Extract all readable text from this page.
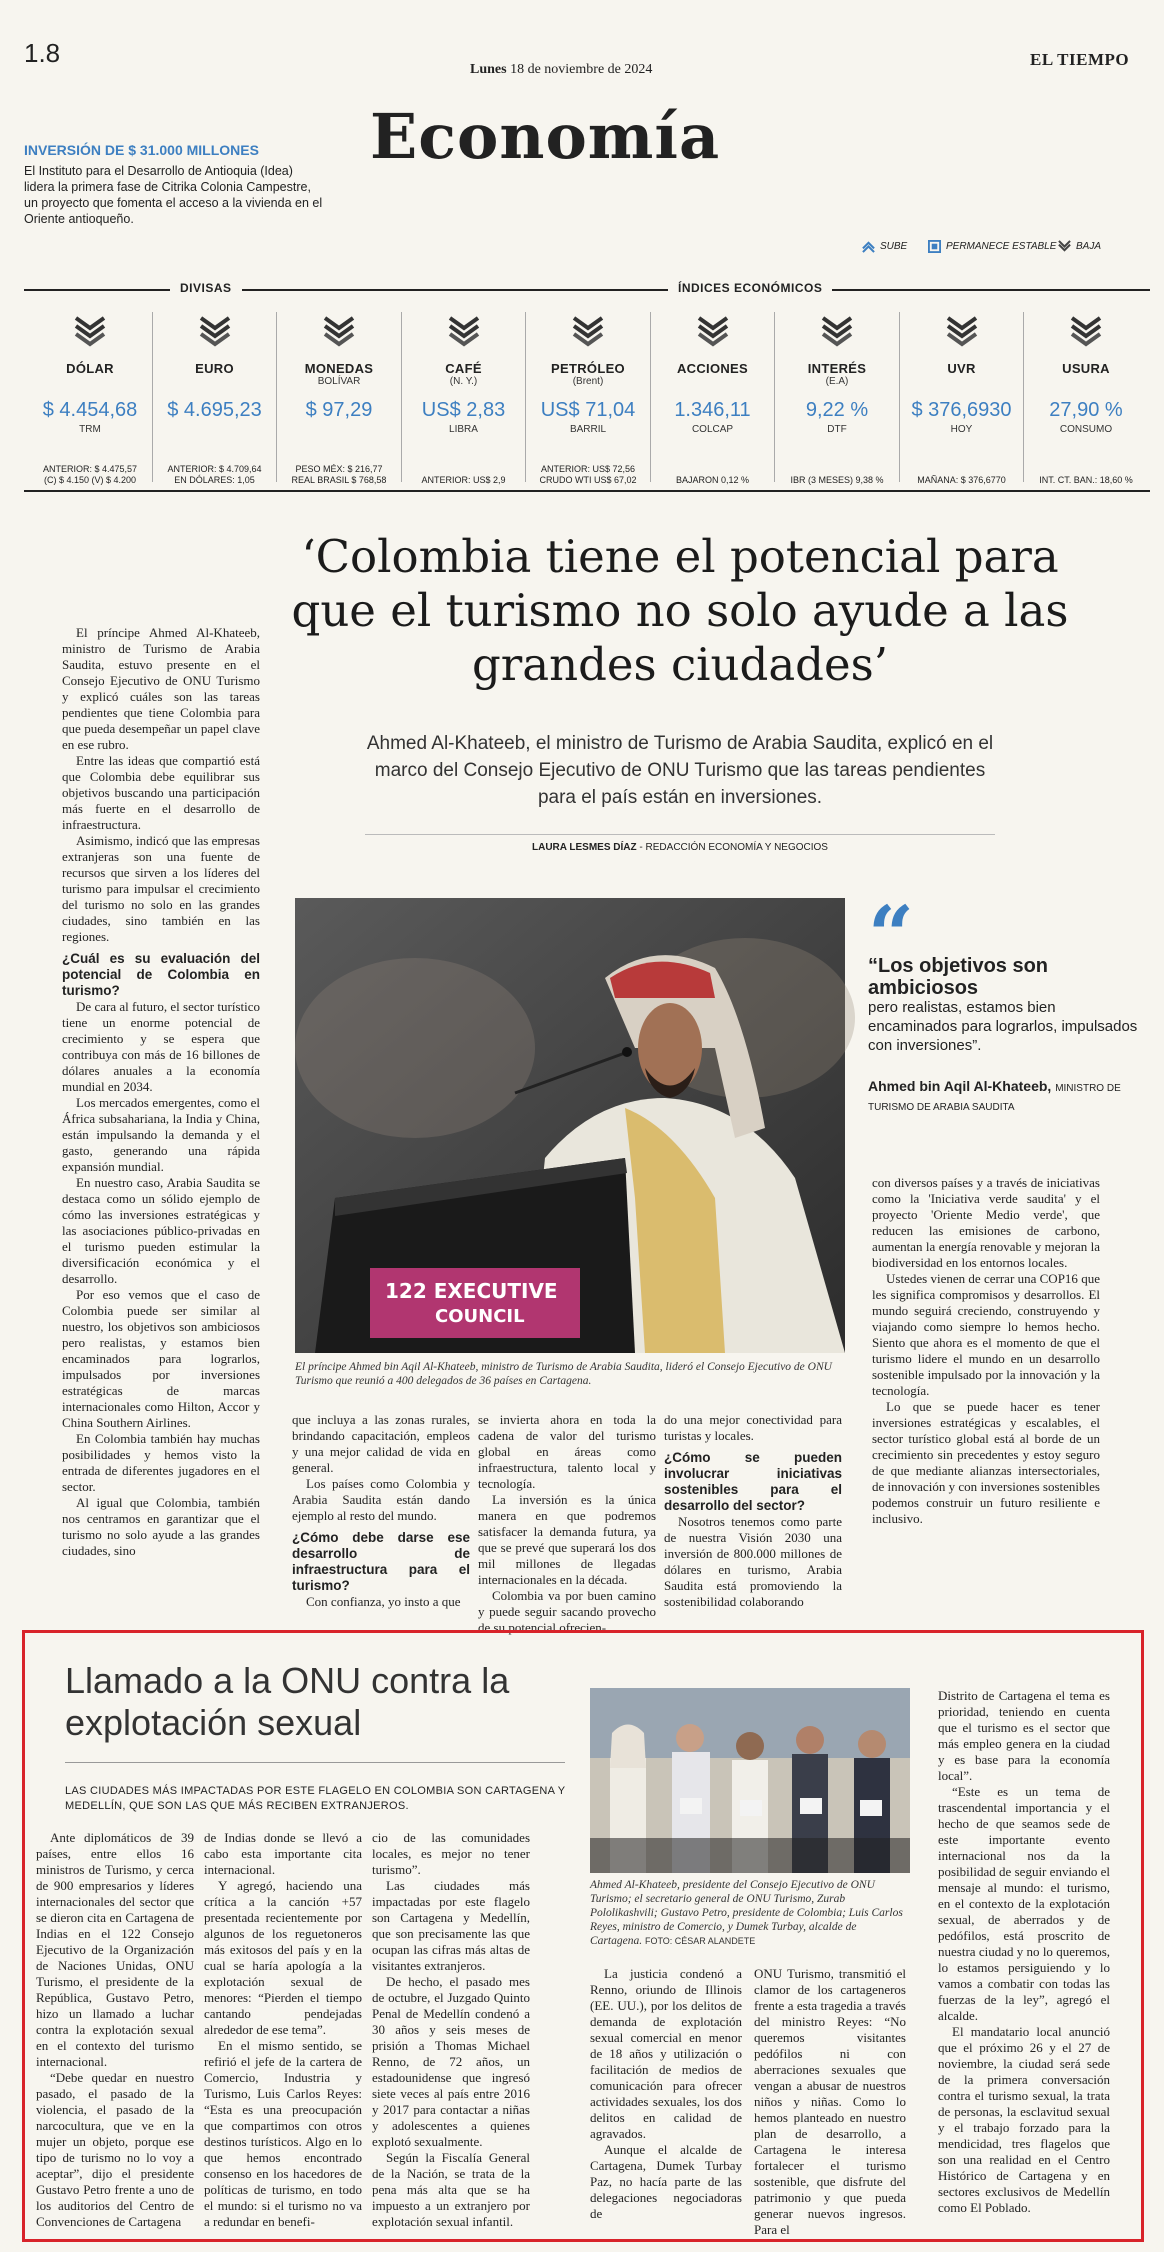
1.8
Lunes 18 de noviembre de 2024
EL TIEMPO
Economía
INVERSIÓN DE $ 31.000 MILLONES
El Instituto para el Desarrollo de Antioquia (Idea) lidera la primera fase de Citrika Colonia Campestre, un proyecto que fomenta el acceso a la vivienda en el Oriente antioqueño.
SUBE	PERMANECE ESTABLE BAJA
DIVISAS	ÍNDICES ECONÓMICOS
DÓLAR
$ 4.454,68
TRM
ANTERIOR: $ 4.475,57
(C) $ 4.150 (V) $ 4.200
EURO
$ 4.695,23
ANTERIOR: $ 4.709,64
EN DÓLARES: 1,05
MONEDAS
BOLÍVAR
$ 97,29
PESO MÉX: $ 216,77
REAL BRASIL $ 768,58
CAFÉ
(N. Y.)
US$ 2,83
LIBRA
ANTERIOR: US$ 2,9
PETRÓLEO
(Brent)
US$ 71,04
BARRIL
ANTERIOR: US$ 72,56
CRUDO WTI US$ 67,02
ACCIONES
1.346,11
COLCAP
BAJARON 0,12 %
INTERÉS
(E.A)
9,22 %
DTF
IBR (3 MESES) 9,38 %
UVR
$ 376,6930
HOY
MAÑANA: $ 376,6770
USURA
27,90 %
CONSUMO
INT. CT. BAN.: 18,60 %
‘Colombia tiene el potencial para que el turismo no solo ayude a las grandes ciudades’
Ahmed Al-Khateeb, el ministro de Turismo de Arabia Saudita, explicó en el marco del Consejo Ejecutivo de ONU Turismo que las tareas pendientes para el país están en inversiones.
LAURA LESMES DÍAZ - REDACCIÓN ECONOMÍA Y NEGOCIOS

El príncipe Ahmed Al-Khateeb, ministro de Turismo de Arabia Saudita, estuvo presente en el Consejo Ejecutivo de ONU Turismo y explicó cuáles son las tareas pendientes que tiene Colombia para que pueda desempeñar un papel clave en ese rubro.

Entre las ideas que compartió está que Colombia debe equilibrar sus objetivos buscando una participación más fuerte en el desarrollo de infraestructura.

Asimismo, indicó que las empresas extranjeras son una fuente de recursos que sirven a los líderes del turismo para impulsar el crecimiento del turismo no solo en las grandes ciudades, sino también en las regiones.

¿Cuál es su evaluación del potencial de Colombia en turismo?

De cara al futuro, el sector turístico tiene un enorme potencial de crecimiento y se espera que contribuya con más de 16 billones de dólares anuales a la economía mundial en 2034.

Los mercados emergentes, como el África subsahariana, la India y China, están impulsando la demanda y el gasto, generando una rápida expansión mundial.

En nuestro caso, Arabia Saudita se destaca como un sólido ejemplo de cómo las inversiones estratégicas y las asociaciones público-privadas en el turismo pueden estimular la diversificación económica y el desarrollo.

Por eso vemos que el caso de Colombia puede ser similar al nuestro, los objetivos son ambiciosos pero realistas, y estamos bien encaminados para lograrlos, impulsados por inversiones estratégicas de marcas internacionales como Hilton, Accor y China Southern Airlines.

En Colombia también hay muchas posibilidades y hemos visto la entrada de diferentes jugadores en el sector.

Al igual que Colombia, también nos centramos en garantizar que el turismo no solo ayude a las grandes ciudades, sino

122 EXECUTIVE
COUNCIL
El príncipe Ahmed bin Aqil Al-Khateeb, ministro de Turismo de Arabia Saudita, lideró el Consejo Ejecutivo de ONU Turismo que reunió a 400 delegados de 36 países en Cartagena.
“
“Los objetivos son ambiciosos
pero realistas, estamos bien encaminados para lograrlos, impulsados con inversiones”.
Ahmed bin Aqil Al-Khateeb, MINISTRO DE TURISMO DE ARABIA SAUDITA

que incluya a las zonas rurales, brindando capacitación, empleos y una mejor calidad de vida en general.

Los países como Colombia y Arabia Saudita están dando ejemplo al resto del mundo.

¿Cómo debe darse ese desarrollo de infraestructura para el turismo?

Con confianza, yo insto a que

se invierta ahora en toda la cadena de valor del turismo global en áreas como infraestructura, talento local y tecnología.

La inversión es la única manera en que podremos satisfacer la demanda futura, ya que se prevé que superará los dos mil millones de llegadas internacionales en la década.

Colombia va por buen camino y puede seguir sacando provecho de su potencial ofrecien-

do una mejor conectividad para turistas y locales.

¿Cómo se pueden involucrar iniciativas sostenibles para el desarrollo del sector?

Nosotros tenemos como parte de nuestra Visión 2030 una inversión de 800.000 millones de dólares en turismo, Arabia Saudita está promoviendo la sostenibilidad colaborando

con diversos países y a través de iniciativas como la 'Iniciativa verde saudita' y el proyecto 'Oriente Medio verde', que reducen las emisiones de carbono, aumentan la energía renovable y mejoran la biodiversidad en los entornos locales.

Ustedes vienen de cerrar una COP16 que les significa compromisos y desarrollos. El mundo seguirá creciendo, construyendo y viajando como siempre lo hemos hecho. Siento que ahora es el momento de que el turismo lidere el mundo en un desarrollo sostenible impulsado por la innovación y la tecnología.

Lo que se puede hacer es tener inversiones estratégicas y escalables, el sector turístico global está al borde de un crecimiento sin precedentes y estoy seguro de que mediante alianzas intersectoriales, de innovación y con inversiones sostenibles podemos construir un futuro resiliente e inclusivo.

Llamado a la ONU contra la explotación sexual
LAS CIUDADES MÁS IMPACTADAS POR ESTE FLAGELO EN COLOMBIA SON CARTAGENA Y MEDELLÍN, QUE SON LAS QUE MÁS RECIBEN EXTRANJEROS.
Ahmed Al-Khateeb, presidente del Consejo Ejecutivo de ONU Turismo; el secretario general de ONU Turismo, Zurab Pololikashvili; Gustavo Petro, presidente de Colombia; Luis Carlos Reyes, ministro de Comercio, y Dumek Turbay, alcalde de Cartagena. FOTO: CÉSAR ALANDETE

Ante diplomáticos de 39 países, entre ellos 16 ministros de Turismo, y cerca de 900 empresarios y líderes internacionales del sector que se dieron cita en Cartagena de Indias en el 122 Consejo Ejecutivo de la Organización de Naciones Unidas, ONU Turismo, el presidente de la República, Gustavo Petro, hizo un llamado a luchar contra la explotación sexual en el contexto del turismo internacional.

“Debe quedar en nuestro pasado, el pasado de la violencia, el pasado de la narcocultura, que ve en la mujer un objeto, porque ese tipo de turismo no lo voy a aceptar”, dijo el presidente Gustavo Petro frente a uno de los auditorios del Centro de Convenciones de Cartagena

de Indias donde se llevó a cabo esta importante cita internacional.

Y agregó, haciendo una crítica a la canción +57 presentada recientemente por algunos de los reguetoneros más exitosos del país y en la cual se haría apología a la explotación sexual de menores: “Pierden el tiempo cantando pendejadas alrededor de ese tema”.

En el mismo sentido, se refirió el jefe de la cartera de Comercio, Industria y Turismo, Luis Carlos Reyes: “Esta es una preocupación que compartimos con otros destinos turísticos. Algo en lo que hemos encontrado consenso en los hacedores de políticas de turismo, en todo el mundo: si el turismo no va a redundar en benefi-

cio de las comunidades locales, es mejor no tener turismo”.

Las ciudades más impactadas por este flagelo son Cartagena y Medellín, que son precisamente las que ocupan las cifras más altas de visitantes extranjeros.

De hecho, el pasado mes de octubre, el Juzgado Quinto Penal de Medellín condenó a 30 años y seis meses de prisión a Thomas Michael Renno, de 72 años, un estadounidense que ingresó siete veces al país entre 2016 y 2017 para contactar a niñas y adolescentes a quienes explotó sexualmente.

Según la Fiscalía General de la Nación, se trata de la pena más alta que se ha impuesto a un extranjero por explotación sexual infantil.

La justicia condenó a Renno, oriundo de Illinois (EE. UU.), por los delitos de demanda de explotación sexual comercial en menor de 18 años y utilización o facilitación de medios de comunicación para ofrecer actividades sexuales, los dos delitos en calidad de agravados.

Aunque el alcalde de Cartagena, Dumek Turbay Paz, no hacía parte de las delegaciones negociadoras de

ONU Turismo, transmitió el clamor de los cartageneros frente a esta tragedia a través del ministro Reyes: “No queremos visitantes pedófilos ni con aberraciones sexuales que vengan a abusar de nuestros niños y niñas. Como lo hemos planteado en nuestro plan de desarrollo, a Cartagena le interesa fortalecer el turismo sostenible, que disfrute del patrimonio y que pueda generar nuevos ingresos. Para el

Distrito de Cartagena el tema es prioridad, teniendo en cuenta que el turismo es el sector que más empleo genera en la ciudad y es base para la economía local”.

“Este es un tema de trascendental importancia y el hecho de que seamos sede de este importante evento internacional nos da la posibilidad de seguir enviando el mensaje al mundo: el turismo, en el contexto de la explotación sexual, de aberrados y de pedófilos, está proscrito de nuestra ciudad y no lo queremos, lo estamos persiguiendo y lo vamos a combatir con todas las fuerzas de la ley”, agregó el alcalde.

El mandatario local anunció que el próximo 26 y el 27 de noviembre, la ciudad será sede de la primera conversación contra el turismo sexual, la trata de personas, la esclavitud sexual y el trabajo forzado para la mendicidad, tres flagelos que son una realidad en el Centro Histórico de Cartagena y en sectores exclusivos de Medellín como El Poblado.
